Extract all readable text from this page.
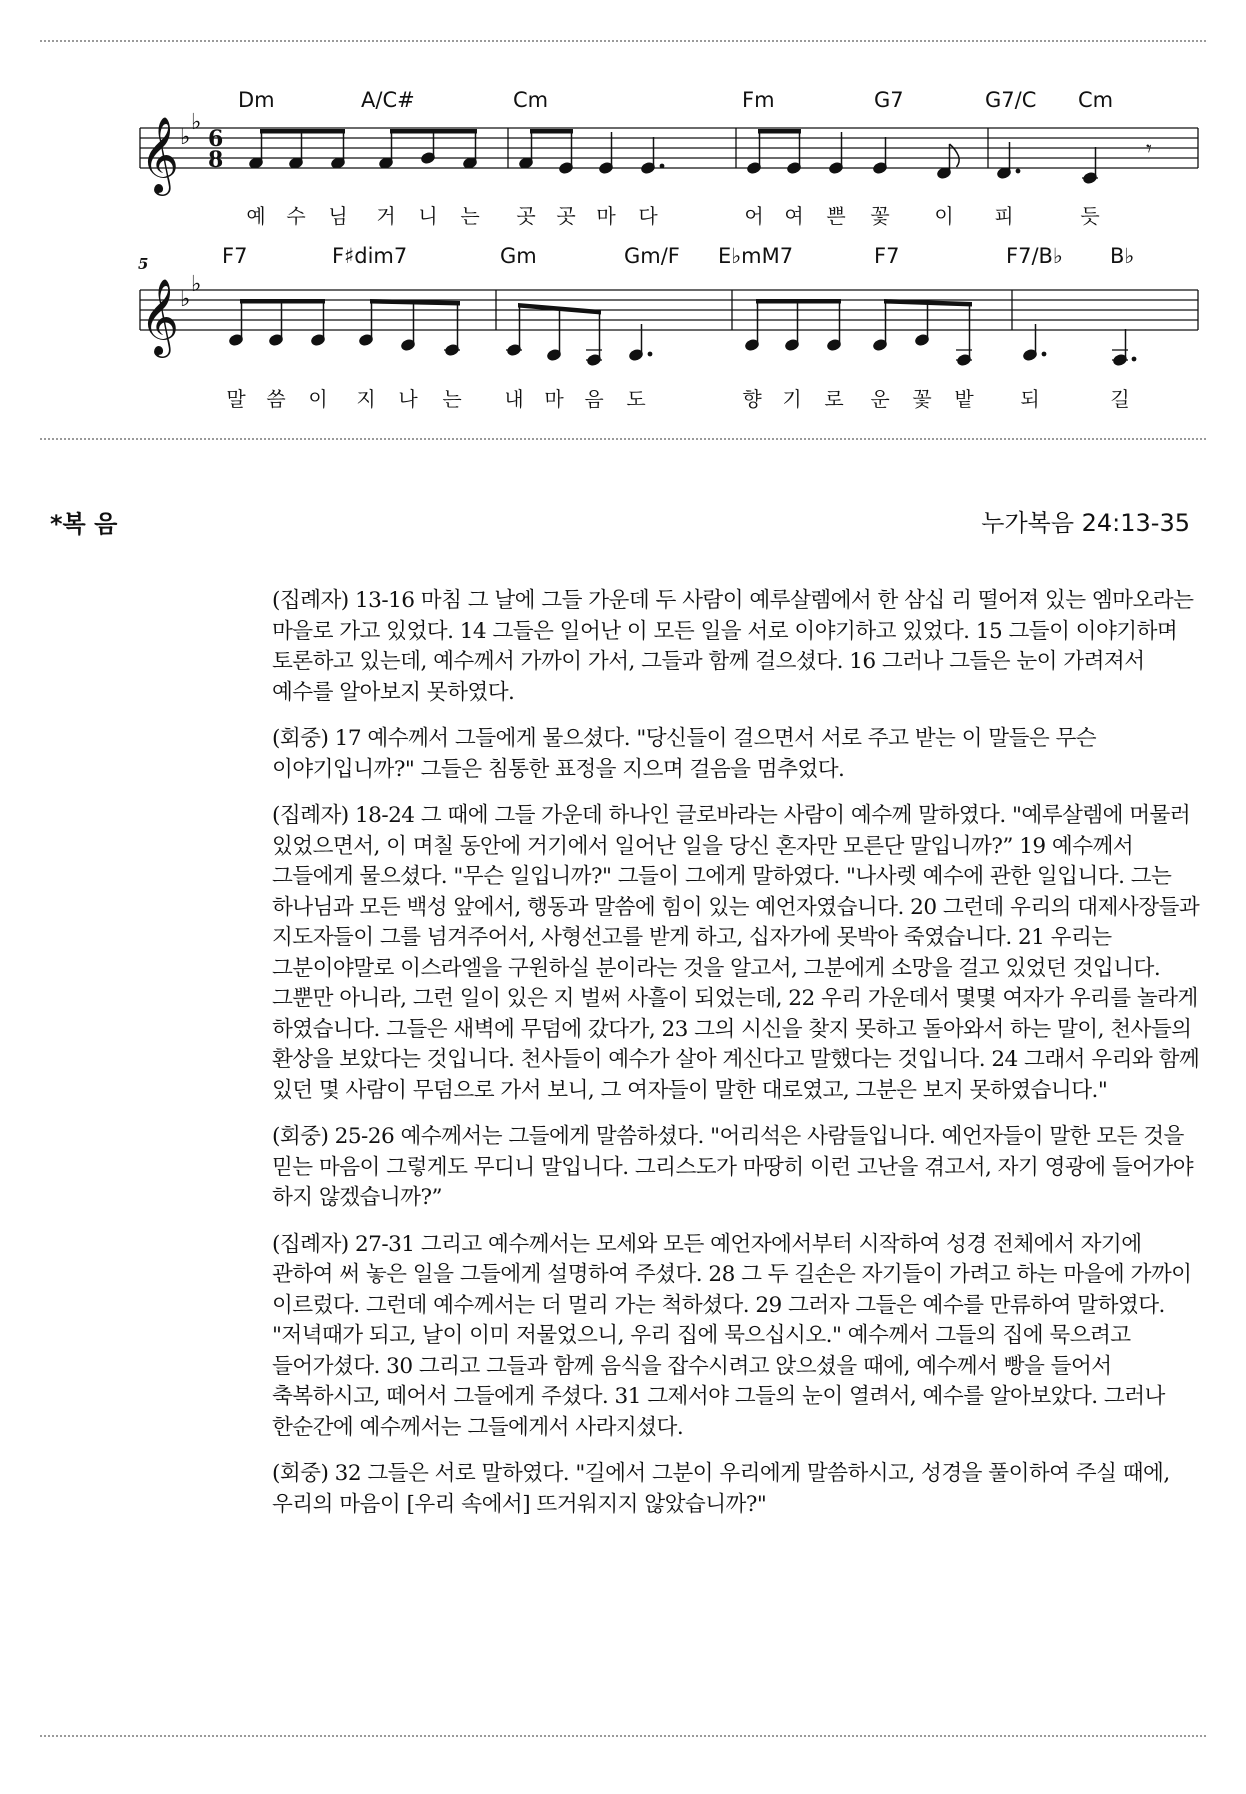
Dm	A/C#	Cm	Fm	G7	G7/C Cm
𝄞 ♭
♭
6
8	𝄾
예 수 님 거 니 는 곳 곳 마 다	어 여 쁜 꽃 이 피	듯
5	F7	F♯dim7	Gm	Gm/F E♭mM7	F7	F7/B♭ B♭
𝄞 ♭
♭
말 씀 이 지 나 는 내 마 음 도	향 기 로 운 꽃 밭 되	길
*복 음	누가복음 24:13-35

(집례자) 13-16 마침 그 날에 그들 가운데 두 사람이 예루살렘에서 한 삼십 리 떨어져 있는 엠마오라는 마을로 가고 있었다. 14 그들은 일어난 이 모든 일을 서로 이야기하고 있었다. 15 그들이 이야기하며 토론하고 있는데, 예수께서 가까이 가서, 그들과 함께 걸으셨다. 16 그러나 그들은 눈이 가려져서 예수를 알아보지 못하였다.

(회중) 17 예수께서 그들에게 물으셨다. "당신들이 걸으면서 서로 주고 받는 이 말들은 무슨 이야기입니까?" 그들은 침통한 표정을 지으며 걸음을 멈추었다.

(집례자) 18-24 그 때에 그들 가운데 하나인 글로바라는 사람이 예수께 말하였다. "예루살렘에 머물러 있었으면서, 이 며칠 동안에 거기에서 일어난 일을 당신 혼자만 모른단 말입니까?” 19 예수께서 그들에게 물으셨다. "무슨 일입니까?" 그들이 그에게 말하였다. "나사렛 예수에 관한 일입니다. 그는 하나님과 모든 백성 앞에서, 행동과 말씀에 힘이 있는 예언자였습니다. 20 그런데 우리의 대제사장들과 지도자들이 그를 넘겨주어서, 사형선고를 받게 하고, 십자가에 못박아 죽였습니다. 21 우리는 그분이야말로 이스라엘을 구원하실 분이라는 것을 알고서, 그분에게 소망을 걸고 있었던 것입니다. 그뿐만 아니라, 그런 일이 있은 지 벌써 사흘이 되었는데, 22 우리 가운데서 몇몇 여자가 우리를 놀라게 하였습니다. 그들은 새벽에 무덤에 갔다가, 23 그의 시신을 찾지 못하고 돌아와서 하는 말이, 천사들의 환상을 보았다는 것입니다. 천사들이 예수가 살아 계신다고 말했다는 것입니다. 24 그래서 우리와 함께 있던 몇 사람이 무덤으로 가서 보니, 그 여자들이 말한 대로였고, 그분은 보지 못하였습니다."

(회중) 25-26 예수께서는 그들에게 말씀하셨다. "어리석은 사람들입니다. 예언자들이 말한 모든 것을 믿는 마음이 그렇게도 무디니 말입니다. 그리스도가 마땅히 이런 고난을 겪고서, 자기 영광에 들어가야 하지 않겠습니까?”

(집례자) 27-31 그리고 예수께서는 모세와 모든 예언자에서부터 시작하여 성경 전체에서 자기에 관하여 써 놓은 일을 그들에게 설명하여 주셨다. 28 그 두 길손은 자기들이 가려고 하는 마을에 가까이 이르렀다. 그런데 예수께서는 더 멀리 가는 척하셨다. 29 그러자 그들은 예수를 만류하여 말하였다. "저녁때가 되고, 날이 이미 저물었으니, 우리 집에 묵으십시오." 예수께서 그들의 집에 묵으려고 들어가셨다. 30 그리고 그들과 함께 음식을 잡수시려고 앉으셨을 때에, 예수께서 빵을 들어서 축복하시고, 떼어서 그들에게 주셨다. 31 그제서야 그들의 눈이 열려서, 예수를 알아보았다. 그러나 한순간에 예수께서는 그들에게서 사라지셨다.

(회중) 32 그들은 서로 말하였다. "길에서 그분이 우리에게 말씀하시고, 성경을 풀이하여 주실 때에, 우리의 마음이 [우리 속에서] 뜨거워지지 않았습니까?"
